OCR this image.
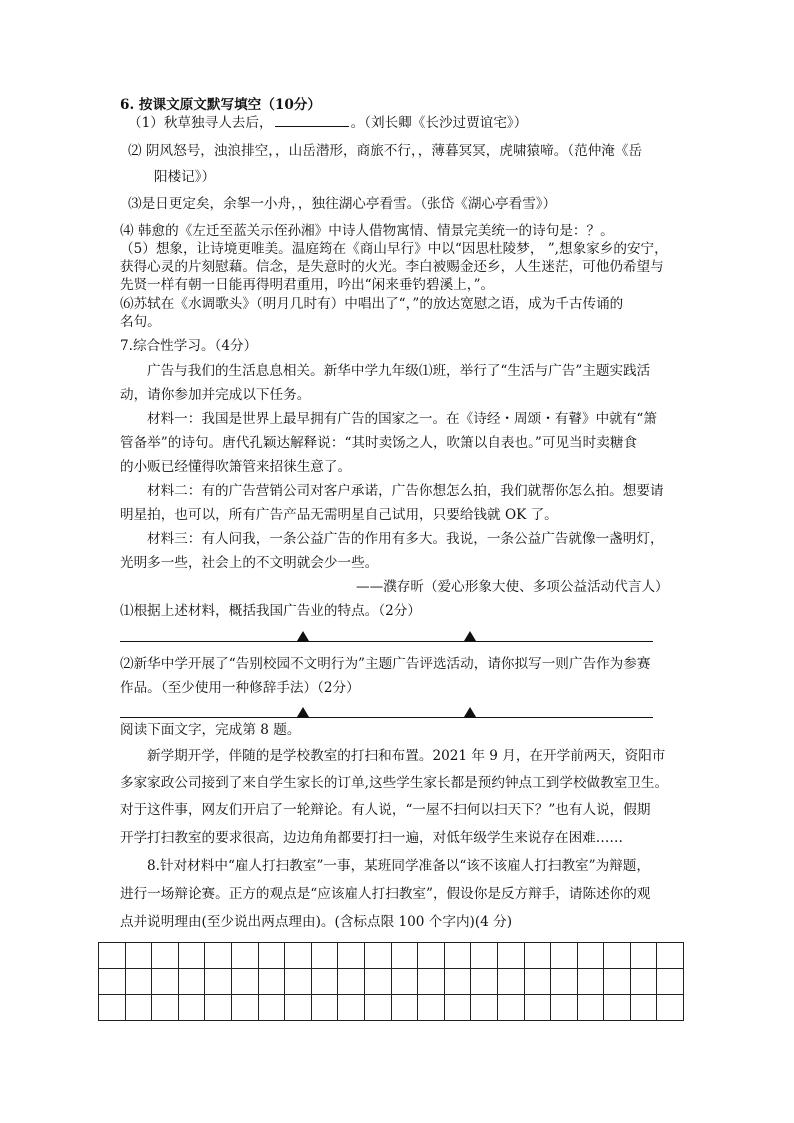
6. 按课文原文默写填空（10分）
（1）秋草独寻人去后，	。（刘长卿《长沙过贾谊宅》）
⑵ 阴风怒号，浊浪排空，，山岳潜形，商旅不行，，薄暮冥冥，虎啸猿啼。（范仲淹《岳
阳楼记》）
⑶是日更定矣，余挐一小舟，，独往湖心亭看雪。（张岱《湖心亭看雪》）
⑷ 韩愈的《左迁至蓝关示侄孙湘》中诗人借物寓情、情景完美统一的诗句是：？。
（5）想象，让诗境更唯美。温庭筠在《商山早行》中以“因思杜陵梦， ”,想象家乡的安宁，
获得心灵的片刻慰藉。信念，是失意时的火光。李白被赐金还乡，人生迷茫，可他仍希望与
先贤一样有朝一日能再得明君重用，吟出“闲来垂钓碧溪上，”。
⑹苏轼在《水调歌头》（明月几时有）中唱出了“，”的放达宽慰之语，成为千古传诵的
名句。
7.综合性学习。（4分）
广告与我们的生活息息相关。新华中学九年级⑴班，举行了“生活与广告”主题实践活
动，请你参加并完成以下任务。
材料一：我国是世界上最早拥有广告的国家之一。在《诗经・周颂・有瞽》中就有“箫
管备举”的诗句。唐代孔颖达解释说：“其时卖饧之人，吹箫以自表也。”可见当时卖糖食
的小贩已经懂得吹箫管来招徕生意了。
材料二：有的广告营销公司对客户承诺，广告你想怎么拍，我们就帮你怎么拍。想要请
明星拍，也可以，所有广告产品无需明星自己试用，只要给钱就 OK 了。
材料三：有人问我，一条公益广告的作用有多大。我说，一条公益广告就像一盏明灯，
光明多一些，社会上的不文明就会少一些。
——濮存昕（爱心形象大使、多项公益活动代言人）
⑴根据上述材料，概括我国广告业的特点。（2分）
⑵新华中学开展了“告别校园不文明行为”主题广告评选活动，请你拟写一则广告作为参赛
作品。（至少使用一种修辞手法）（2分）
阅读下面文字，完成第 8 题。
新学期开学，伴随的是学校教室的打扫和布置。2021 年 9 月，在开学前两天，资阳市
多家家政公司接到了来自学生家长的订单,这些学生家长都是预约钟点工到学校做教室卫生。
对于这件事，网友们开启了一轮辩论。有人说，“一屋不扫何以扫天下？”也有人说，假期
开学打扫教室的要求很高，边边角角都要打扫一遍，对低年级学生来说存在困难……
8.针对材料中“雇人打扫教室”一事，某班同学准备以“该不该雇人打扫教室”为辩题，
进行一场辩论赛。正方的观点是“应该雇人打扫教室”，假设你是反方辩手，请陈述你的观
点并说明理由(至少说出两点理由)。(含标点限 100 个字内)(4 分)
